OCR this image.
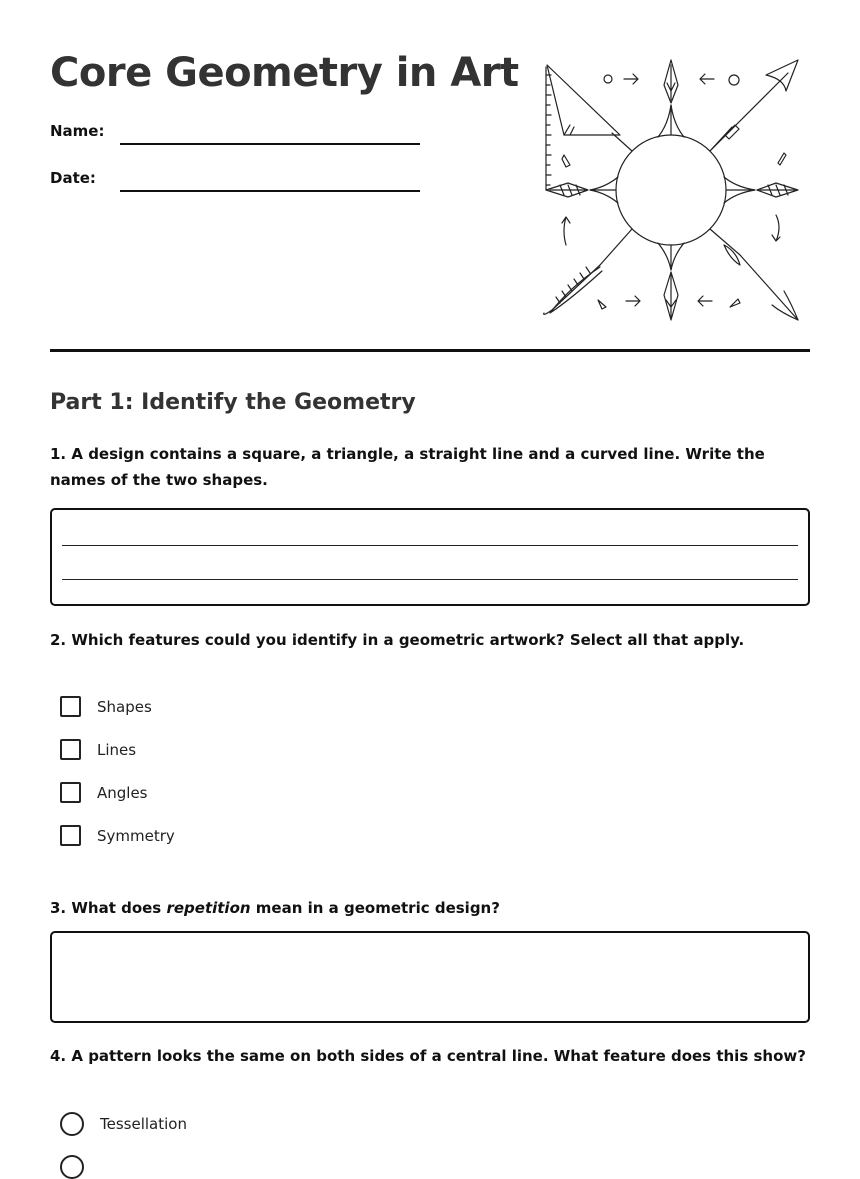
Core Geometry in Art
Name:
Date:
Part 1: Identify the Geometry

1. A design contains a square, a triangle, a straight line and a curved line. Write the names of the two shapes.

2. Which features could you identify in a geometric artwork? Select all that apply.

Shapes
Lines
Angles
Symmetry

3. What does repetition mean in a geometric design?

4. A pattern looks the same on both sides of a central line. What feature does this show?

Tessellation
